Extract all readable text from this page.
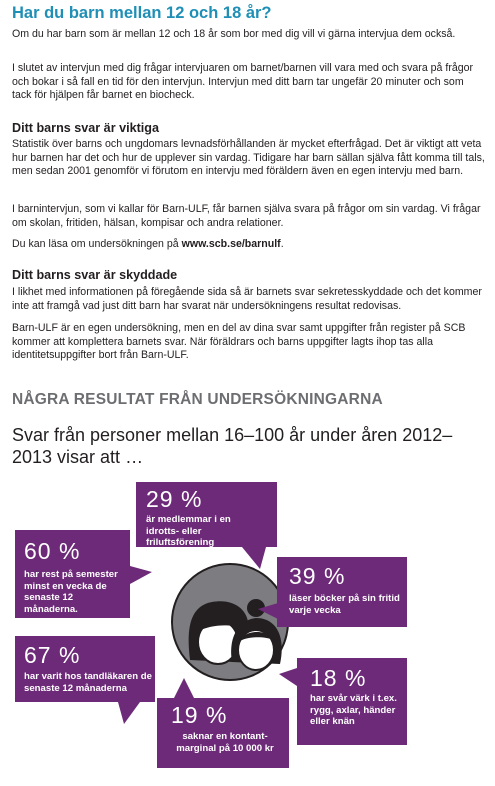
Har du barn mellan 12 och 18 år?

Om du har barn som är mellan 12 och 18 år som bor med dig vill vi gärna intervjua dem också.

I slutet av intervjun med dig frågar intervjuaren om barnet/barnen vill vara med och svara på frågor och bokar i så fall en tid för den intervjun. Intervjun med ditt barn tar ungefär 20 minuter och som tack för hjälpen får barnet en biocheck.

Ditt barns svar är viktiga

Statistik över barns och ungdomars levnadsförhållanden är mycket efterfrågad. Det är viktigt att veta hur barnen har det och hur de upplever sin vardag. Tidigare har barn sällan själva fått komma till tals, men sedan 2001 genomför vi förutom en intervju med föräldern även en egen intervju med barn.

I barnintervjun, som vi kallar för Barn-ULF, får barnen själva svara på frågor om sin vardag. Vi frågar om skolan, fritiden, hälsan, kompisar och andra relationer.

Du kan läsa om undersökningen på www.scb.se/barnulf.

Ditt barns svar är skyddade

I likhet med informationen på föregående sida så är barnets svar sekretesskyddade och det kommer inte att framgå vad just ditt barn har svarat när undersökningens resultat redovisas.

Barn-ULF är en egen undersökning, men en del av dina svar samt uppgifter från register på SCB kommer att komplettera barnets svar. När föräldrars och barns uppgifter lagts ihop tas alla identitetsuppgifter bort från Barn-ULF.

NÅGRA RESULTAT FRÅN UNDERSÖKNINGARNA

Svar från personer mellan 16–100 år under åren 2012–2013 visar att …

29 %
är medlemmar i en idrotts- eller friluftsförening
60 %
har rest på semester minst en vecka de senaste 12 månaderna.
39 %
läser böcker på sin fritid varje vecka
67 %
har varit hos tandläkaren de senaste 12 månaderna	18 %
har svår värk i t.ex. rygg, axlar, händer eller knän
19 %
saknar en kontant-marginal på 10 000 kr
